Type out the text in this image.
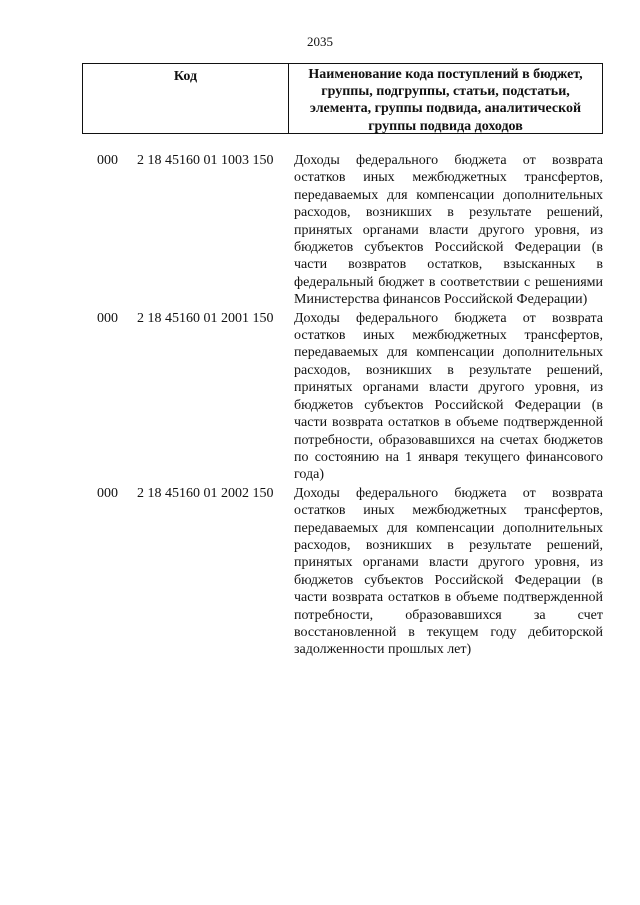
2035
Код	Наименование кода поступлений в бюджет, группы, подгруппы, статьи, подстатьи, элемента, группы подвида, аналитической группы подвида доходов
000 2 18 45160 01 1003 150 Доходы федерального бюджета от возврата остатков иных межбюджетных трансфертов, передаваемых для компенсации дополнительных расходов, возникших в результате решений, принятых органами власти другого уровня, из бюджетов субъектов Российской Федерации (в части возвратов остатков, взысканных в федеральный бюджет в соответствии с решениями Министерства финансов Российской Федерации)
000 2 18 45160 01 2001 150 Доходы федерального бюджета от возврата остатков иных межбюджетных трансфертов, передаваемых для компенсации дополнительных расходов, возникших в результате решений, принятых органами власти другого уровня, из бюджетов субъектов Российской Федерации (в части возврата остатков в объеме подтвержденной потребности, образовавшихся на счетах бюджетов по состоянию на 1 января текущего финансового года)
000 2 18 45160 01 2002 150 Доходы федерального бюджета от возврата остатков иных межбюджетных трансфертов, передаваемых для компенсации дополнительных расходов, возникших в результате решений, принятых органами власти другого уровня, из бюджетов субъектов Российской Федерации (в части возврата остатков в объеме подтвержденной потребности, образовавшихся за счет восстановленной в текущем году дебиторской задолженности прошлых лет)
